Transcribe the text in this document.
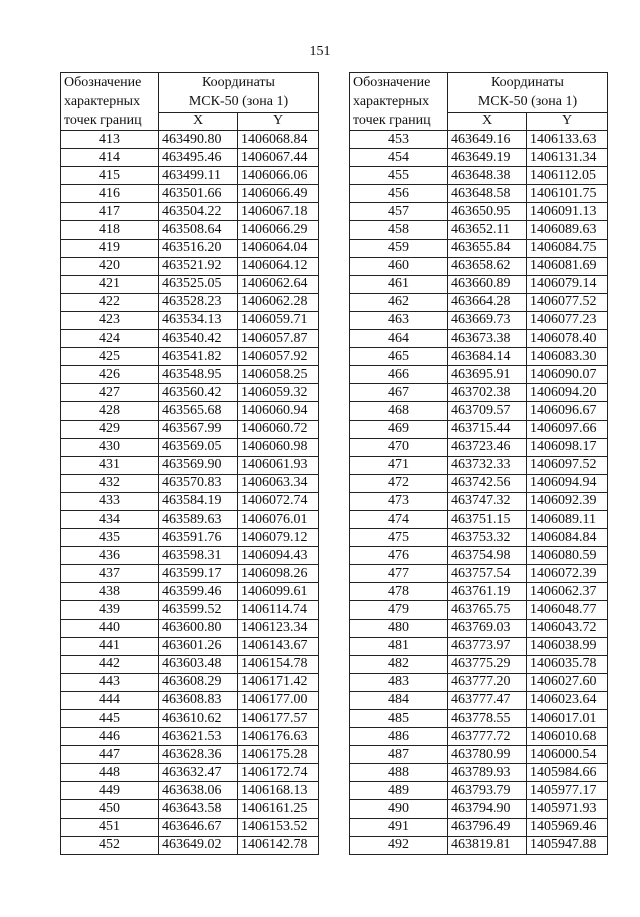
151
Обозначение
характерных
точек границ	Координаты
МСК-50 (зона 1)	

	X	Y
413	463490.80	1406068.84
414	463495.46	1406067.44
415	463499.11	1406066.06
416	463501.66	1406066.49
417	463504.22	1406067.18
418	463508.64	1406066.29
419	463516.20	1406064.04
420	463521.92	1406064.12
421	463525.05	1406062.64
422	463528.23	1406062.28
423	463534.13	1406059.71
424	463540.42	1406057.87
425	463541.82	1406057.92
426	463548.95	1406058.25
427	463560.42	1406059.32
428	463565.68	1406060.94
429	463567.99	1406060.72
430	463569.05	1406060.98
431	463569.90	1406061.93
432	463570.83	1406063.34
433	463584.19	1406072.74
434	463589.63	1406076.01
435	463591.76	1406079.12
436	463598.31	1406094.43
437	463599.17	1406098.26
438	463599.46	1406099.61
439	463599.52	1406114.74
440	463600.80	1406123.34
441	463601.26	1406143.67
442	463603.48	1406154.78
443	463608.29	1406171.42
444	463608.83	1406177.00
445	463610.62	1406177.57
446	463621.53	1406176.63
447	463628.36	1406175.28
448	463632.47	1406172.74
449	463638.06	1406168.13
450	463643.58	1406161.25
451	463646.67	1406153.52
452	463649.02	1406142.78
Обозначение
характерных
точек границ	Координаты
МСК-50 (зона 1)	

	X	Y
453	463649.16	1406133.63
454	463649.19	1406131.34
455	463648.38	1406112.05
456	463648.58	1406101.75
457	463650.95	1406091.13
458	463652.11	1406089.63
459	463655.84	1406084.75
460	463658.62	1406081.69
461	463660.89	1406079.14
462	463664.28	1406077.52
463	463669.73	1406077.23
464	463673.38	1406078.40
465	463684.14	1406083.30
466	463695.91	1406090.07
467	463702.38	1406094.20
468	463709.57	1406096.67
469	463715.44	1406097.66
470	463723.46	1406098.17
471	463732.33	1406097.52
472	463742.56	1406094.94
473	463747.32	1406092.39
474	463751.15	1406089.11
475	463753.32	1406084.84
476	463754.98	1406080.59
477	463757.54	1406072.39
478	463761.19	1406062.37
479	463765.75	1406048.77
480	463769.03	1406043.72
481	463773.97	1406038.99
482	463775.29	1406035.78
483	463777.20	1406027.60
484	463777.47	1406023.64
485	463778.55	1406017.01
486	463777.72	1406010.68
487	463780.99	1406000.54
488	463789.93	1405984.66
489	463793.79	1405977.17
490	463794.90	1405971.93
491	463796.49	1405969.46
492	463819.81	1405947.88
